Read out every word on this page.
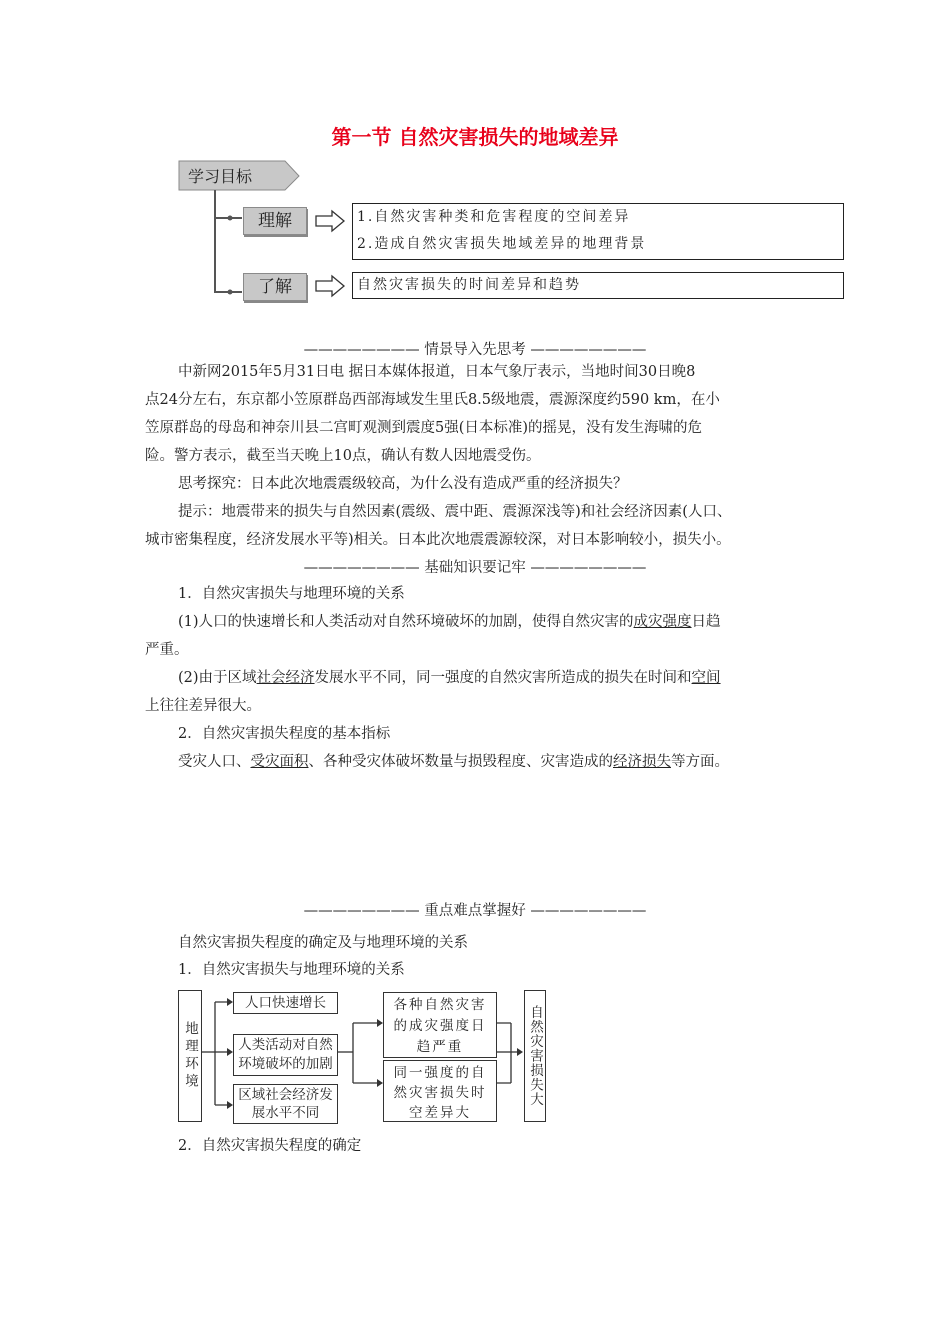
第一节 自然灾害损失的地域差异
学习目标
理解
了解
1.自然灾害种类和危害程度的空间差异
2.造成自然灾害损失地域差异的地理背景
自然灾害损失的时间差异和趋势
———————— 情景导入先思考 ————————
中新网2015年5月31日电 据日本媒体报道，日本气象厅表示，当地时间30日晚8
点24分左右，东京都小笠原群岛西部海域发生里氏8.5级地震，震源深度约590 km，在小
笠原群岛的母岛和神奈川县二宫町观测到震度5强(日本标准)的摇晃，没有发生海啸的危
险。警方表示，截至当天晚上10点，确认有数人因地震受伤。
思考探究：日本此次地震震级较高，为什么没有造成严重的经济损失？
提示：地震带来的损失与自然因素(震级、震中距、震源深浅等)和社会经济因素(人口、
城市密集程度，经济发展水平等)相关。日本此次地震震源较深，对日本影响较小，损失小。
———————— 基础知识要记牢 ————————
1．自然灾害损失与地理环境的关系
(1)人口的快速增长和人类活动对自然环境破坏的加剧，使得自然灾害的成灾强度日趋
严重。
(2)由于区域社会经济发展水平不同，同一强度的自然灾害所造成的损失在时间和空间
上往往差异很大。
2．自然灾害损失程度的基本指标
受灾人口、受灾面积、各种受灾体破坏数量与损毁程度、灾害造成的经济损失等方面。
———————— 重点难点掌握好 ————————
自然灾害损失程度的确定及与地理环境的关系
1．自然灾害损失与地理环境的关系
地理环境
人口快速增长
人类活动对自然环境破坏的加剧
区域社会经济发展水平不同
各种自然灾害的成灾强度日趋严重
同一强度的自然灾害损失时空差异大
自然灾害损失大
2．自然灾害损失程度的确定
